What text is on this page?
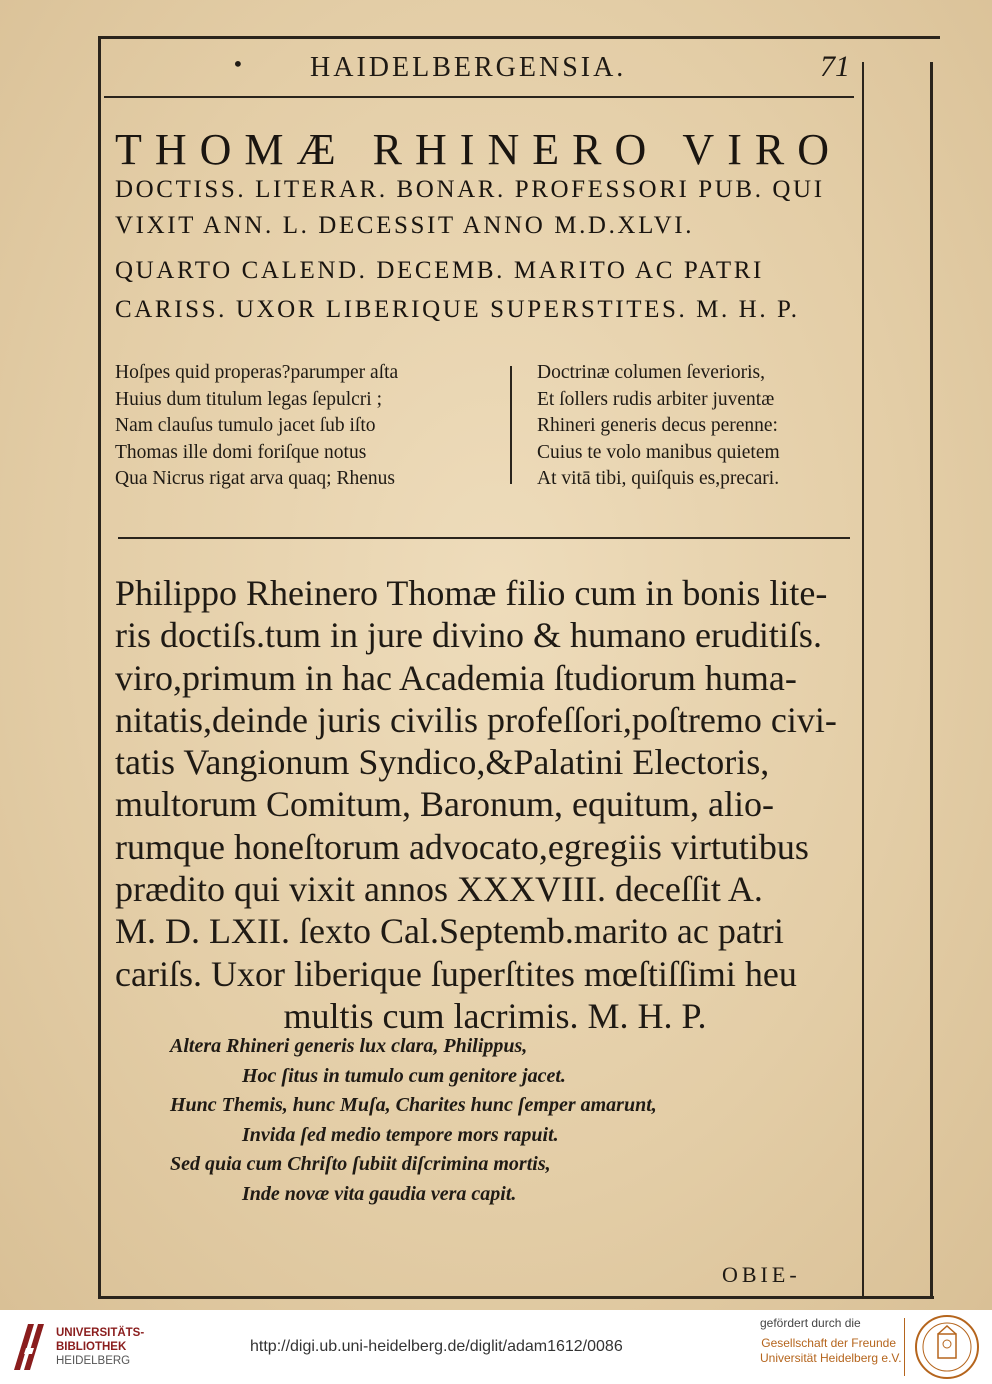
• HAIDELBERGENSIA.	71
THOMÆ RHINERO VIRO
DOCTISS. LITERAR. BONAR. PROFESSORI PUB. QUI
VIXIT ANN. L. DECESSIT ANNO M.D.XLVI.
QUARTO CALEND. DECEMB. MARITO AC PATRI
CARISS. UXOR LIBERIQUE SUPERSTITES. M. H. P.
Hoſpes quid properas?parumper aſta
Huius dum titulum legas ſepulcri ;
Nam clauſus tumulo jacet ſub iſto
Thomas ille domi foriſque notus
Qua Nicrus rigat arva quaq; Rhenus
Doctrinæ columen ſeverioris,
Et ſollers rudis arbiter juventæ
Rhineri generis decus perenne:
Cuius te volo manibus quietem
At vitā tibi, quiſquis es,precari.
Philippo Rheinero Thomæ filio cum in bonis lite-
ris doctiſs.tum in jure divino & humano eruditiſs.
viro,primum in hac Academia ſtudiorum huma-
nitatis,deinde juris civilis profeſſori,poſtremo civi-
tatis Vangionum Syndico,&Palatini Electoris,
multorum Comitum, Baronum, equitum, alio-
rumque honeſtorum advocato,egregiis virtutibus
prædito qui vixit annos XXXVIII. deceſſit A.
M. D. LXII. ſexto Cal.Septemb.marito ac patri
cariſs. Uxor liberique ſuperſtites mœſtiſſimi heu
multis cum lacrimis. M. H. P.
Altera Rhineri generis lux clara, Philippus,
Hoc ſitus in tumulo cum genitore jacet.
Hunc Themis, hunc Muſa, Charites hunc ſemper amarunt,
Invida ſed medio tempore mors rapuit.
Sed quia cum Chriſto ſubiit diſcrimina mortis,
Inde novæ vita gaudia vera capit.
OBIE-
UNIVERSITÄTS-
BIBLIOTHEK
HEIDELBERG
http://digi.ub.uni-heidelberg.de/diglit/adam1612/0086
gefördert durch die
Gesellschaft der Freunde
Universität Heidelberg e.V.
